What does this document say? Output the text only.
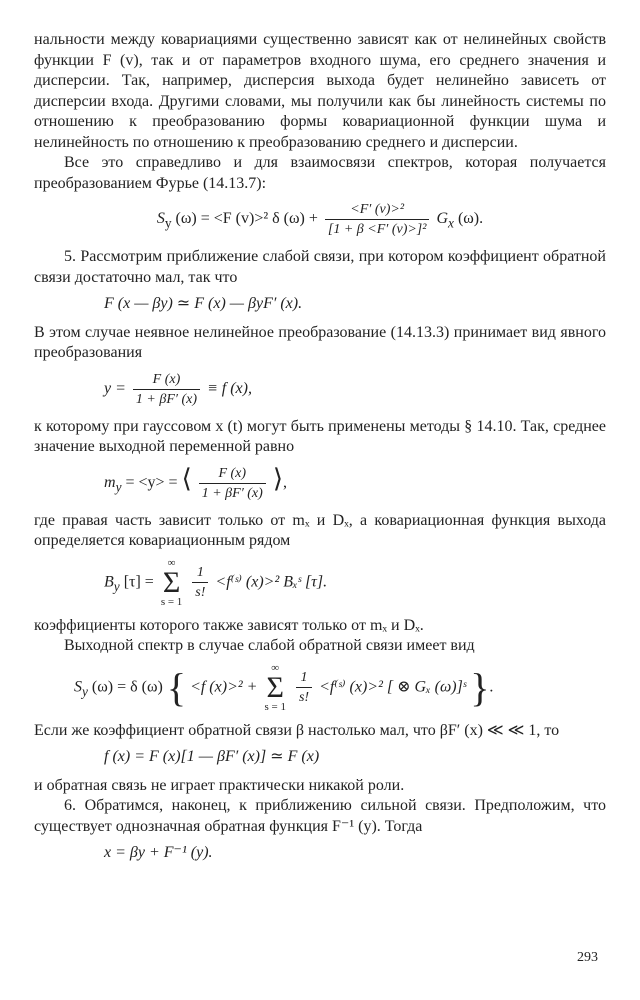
нальности между ковариациями существенно зависят как от нелинейных свойств функции F (v), так и от параметров входного шума, его среднего значения и дисперсии. Так, например, дисперсия выхода будет нелинейно зависеть от дисперсии входа. Другими словами, мы получили как бы линейность системы по отношению к преобразованию формы ковариационной функции шума и нелинейность по отношению к преобразованию среднего и дисперсии.

Все это справедливо и для взаимосвязи спектров, которая получается преобразованием Фурье (14.13.7):

$S_y$ (ω) = <F (v)>² δ $(\omega) + \frac{\text{<F′ (v)>²}}{\text{[1 + β <F′ (v)>]²}} G_x$ (ω).

5. Рассмотрим приближение слабой связи, при котором коэффициент обратной связи достаточно мал, так что

F (x — βy) ≃ F (x) — βyF′ (x).

В этом случае неявное нелинейное преобразование (14.13.3) принимает вид явного преобразования

$y = \frac{F (x)}{1 + \beta F' (x)} \equiv f$ (x),

к которому при гауссовом x (t) могут быть применены методы § 14.10. Так, среднее значение выходной переменной равно

$m_y = <y>$ = ⟨ $\frac{F (x)}{1 + \beta F' (x)}$ ⟩,

где правая часть зависит только от mₓ и Dₓ, а ковариационная функция выхода определяется ковариационным рядом

$B_y$ [τ] =
∞
Σ
s = 1
$\frac{1}{s!}$ <f⁽ˢ⁾ (x)>² Bₓˢ [τ].

коэффициенты которого также зависят только от mₓ и Dₓ.

Выходной спектр в случае слабой обратной связи имеет вид

$S_y$ (ω) = δ (ω) { <f (x)>² +
∞
Σ
s = 1
$\frac{1}{s!}$ <f⁽ˢ⁾ (x)>² [ ⊗ Gₓ (ω)]ˢ }.

Если же коэффициент обратной связи β настолько мал, что βF′ (x) ≪ ≪ 1, то

f (x) = F (x)[1 — βF′ (x)] ≃ F (x)

и обратная связь не играет практически никакой роли.

6. Обратимся, наконец, к приближению сильной связи. Предположим, что существует однозначная обратная функция F⁻¹ (y). Тогда

x = βy + F⁻¹ (y).
293
